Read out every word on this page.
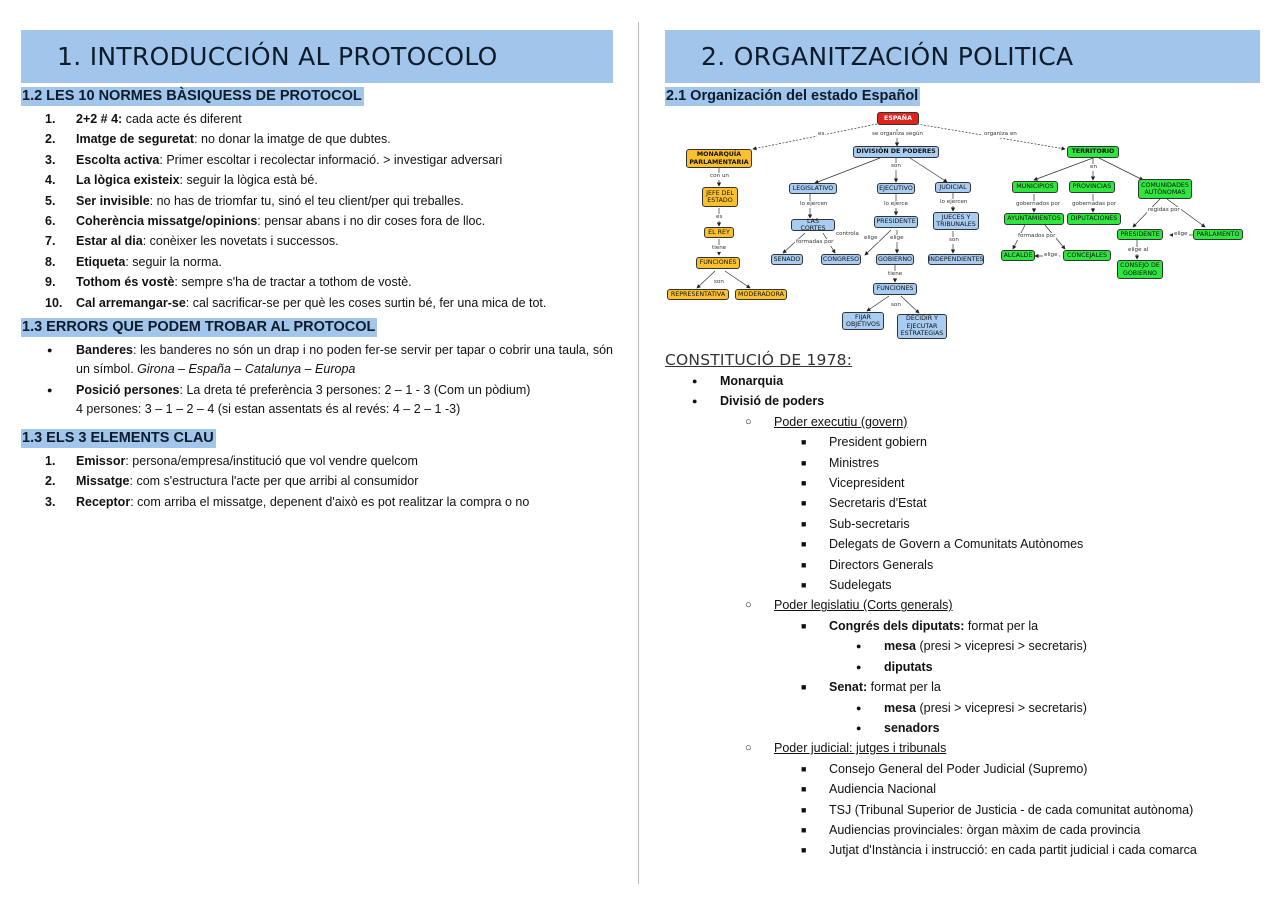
1. INTRODUCCIÓN AL PROTOCOLO
1.2 LES 10 NORMES BÀSIQUESS DE PROTOCOL
1. 2+2 # 4: cada acte és diferent
2. Imatge de seguretat: no donar la imatge de que dubtes.
3. Escolta activa: Primer escoltar i recolectar informació. > investigar adversari
4. La lògica existeix: seguir la lògica està bé.
5. Ser invisible: no has de triomfar tu, sinó el teu client/per qui treballes.
6. Coherència missatge/opinions: pensar abans i no dir coses fora de lloc.
7. Estar al dia: conèixer les novetats i successos.
8. Etiqueta: seguir la norma.
9. Tothom és vostè: sempre s'ha de tractar a tothom de vostè.
10. Cal arremangar-se: cal sacrificar-se per què les coses surtin bé, fer una mica de tot.
1.3 ERRORS QUE PODEM TROBAR AL PROTOCOL
● Banderes: les banderes no són un drap i no poden fer-se servir per tapar o cobrir una taula, són un símbol. Girona – España – Catalunya – Europa
● Posició persones: La dreta té preferència 3 persones: 2 – 1 - 3 (Com un pòdium)
4 persones: 3 – 1 – 2 – 4 (si estan assentats és al revés: 4 – 2 – 1 -3)
1.3 ELS 3 ELEMENTS CLAU
1. Emissor: persona/empresa/institució que vol vendre quelcom
2. Missatge: com s'estructura l'acte per que arribi al consumidor
3. Receptor: com arriba el missatge, depenent d'això es pot realitzar la compra o no
2. ORGANITZACIÓN POLITICA
2.1 Organización del estado Español
ESPAÑA
MONARQUÍA PARLAMENTARIA
DIVISIÓN DE PODERES	TERRITORIO
JEFE DEL ESTADO
EL REY
FUNCIONES
REPRESENTATIVA	MODERADORA
LEGISLATIVO	EJECUTIVO	JUDICIAL
LAS CORTES
PRESIDENTE
JUECES Y TRIBUNALES
SENADO	CONGRESO	GOBIERNO	INDEPENDIENTES
FUNCIONES
FIJAR OBJETIVOS
DECIDIR Y EJECUTAR ESTRATEGIAS
MUNICIPIOS	PROVINCIAS	COMUNIDADES AUTÓNOMAS
AYUNTAMIENTOS	DIPUTACIONES
ALCALDE	CONCEJALES
PRESIDENTE	PARLAMENTO
CONSEJO DE GOBIERNO
es	se organiza según	organiza en
con un
es
tiene
son
son
lo ejercen	lo ejerce	lo ejercen
formadas por
controla
elige elige	son
tiene
son
en
gobernados por gobernadas por
regidas por
formados por
elige
elige
elige al
CONSTITUCIÓ DE 1978:
● Monarquia
● Divisió de poders
○ Poder executiu (govern)
■ President gobiern
■ Ministres
■ Vicepresident
■ Secretaris d'Estat
■ Sub-secretaris
■ Delegats de Govern a Comunitats Autònomes
■ Directors Generals
■ Sudelegats
○ Poder legislatiu (Corts generals)
■ Congrés dels diputats: format per la
● mesa (presi > vicepresi > secretaris)
● diputats
■ Senat: format per la
● mesa (presi > vicepresi > secretaris)
● senadors
○ Poder judicial: jutges i tribunals
■ Consejo General del Poder Judicial (Supremo)
■ Audiencia Nacional
■ TSJ (Tribunal Superior de Justicia - de cada comunitat autònoma)
■ Audiencias provinciales: òrgan màxim de cada provincia
■ Jutjat d'Instància i instrucció: en cada partit judicial i cada comarca
